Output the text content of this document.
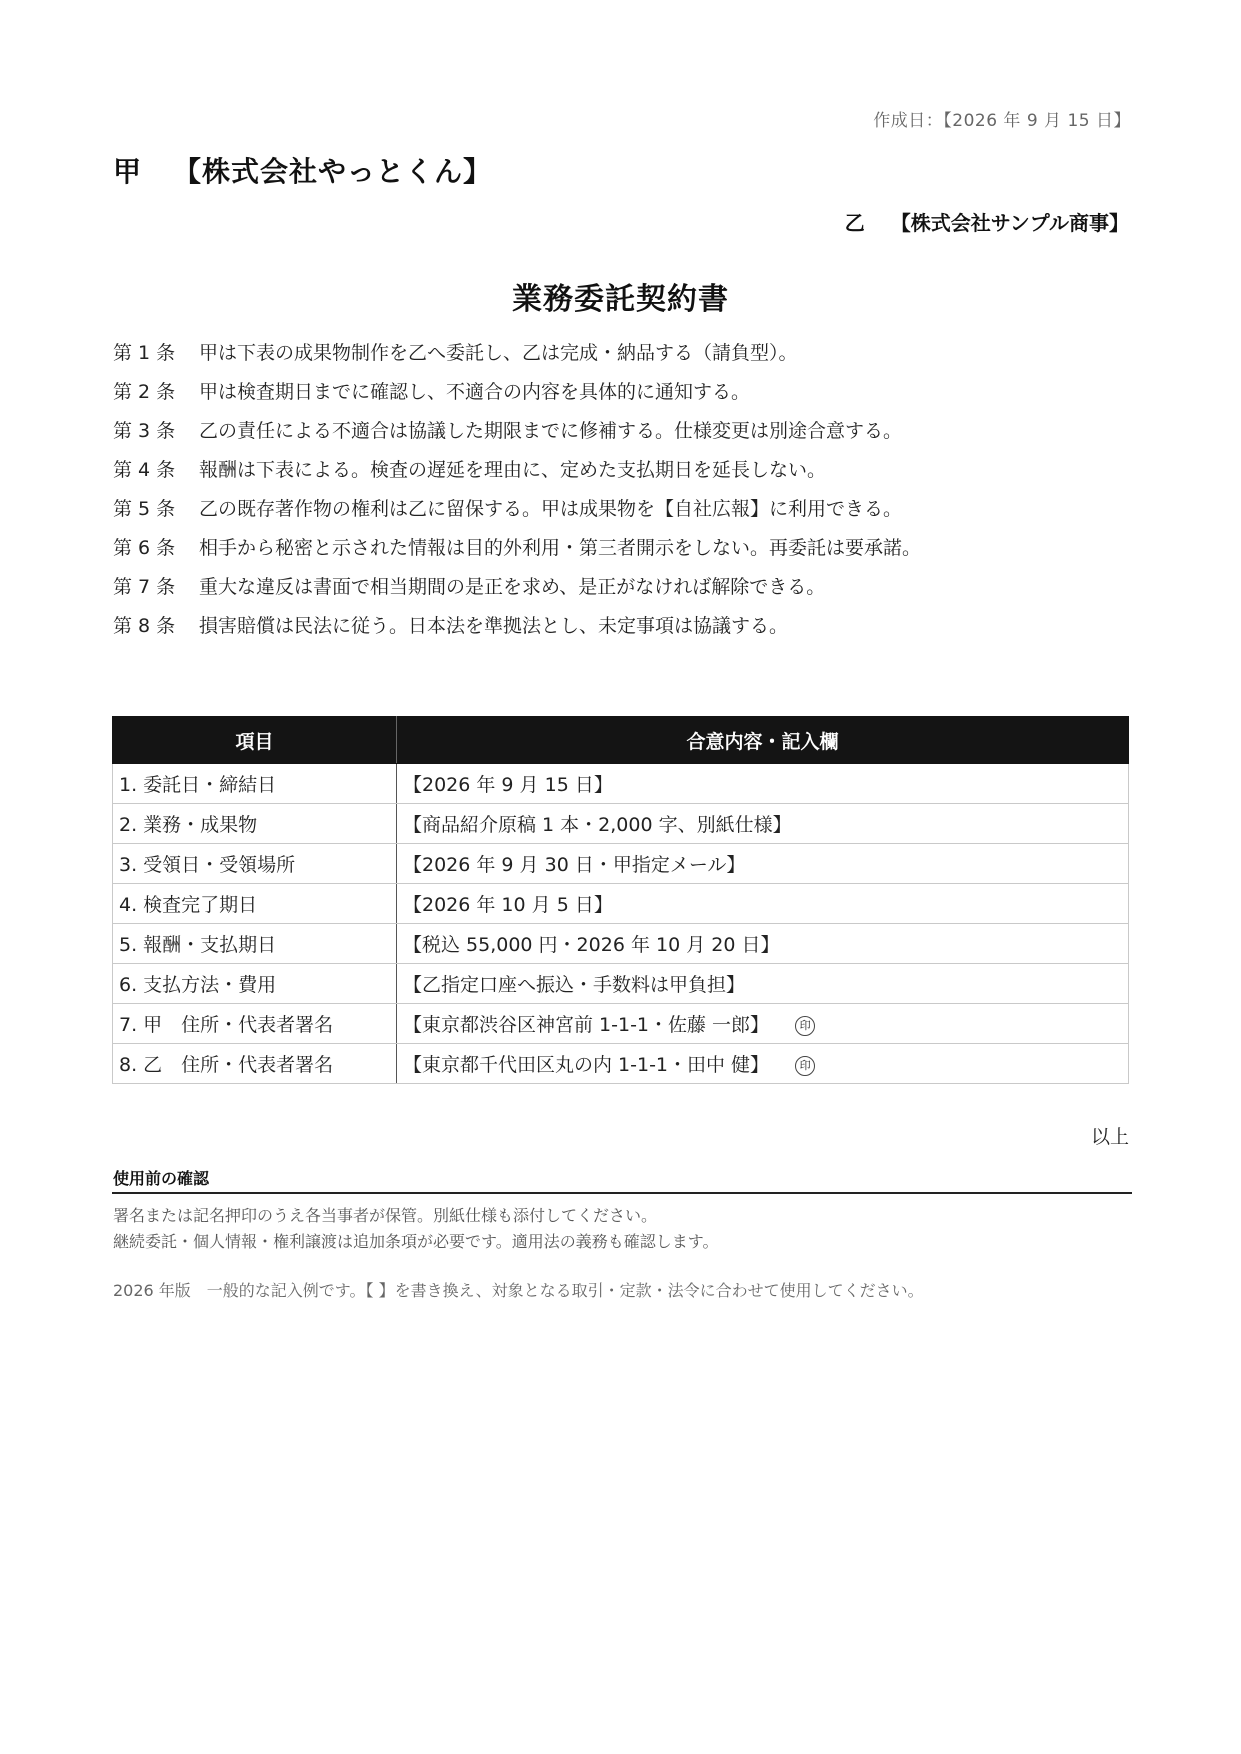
作成日：【2026 年 9 月 15 日】
甲 【株式会社やっとくん】
乙 【株式会社サンプル商事】
業務委託契約書
第 1 条 甲は下表の成果物制作を乙へ委託し、乙は完成・納品する（請負型）。
第 2 条 甲は検査期日までに確認し、不適合の内容を具体的に通知する。
第 3 条 乙の責任による不適合は協議した期限までに修補する。仕様変更は別途合意する。
第 4 条 報酬は下表による。検査の遅延を理由に、定めた支払期日を延長しない。
第 5 条 乙の既存著作物の権利は乙に留保する。甲は成果物を【自社広報】に利用できる。
第 6 条 相手から秘密と示された情報は目的外利用・第三者開示をしない。再委託は要承諾。
第 7 条 重大な違反は書面で相当期間の是正を求め、是正がなければ解除できる。
第 8 条 損害賠償は民法に従う。日本法を準拠法とし、未定事項は協議する。
項目	合意内容・記入欄
1. 委託日・締結日	【2026 年 9 月 15 日】
2. 業務・成果物	【商品紹介原稿 1 本・2,000 字、別紙仕様】
3. 受領日・受領場所	【2026 年 9 月 30 日・甲指定メール】
4. 検査完了期日	【2026 年 10 月 5 日】
5. 報酬・支払期日	【税込 55,000 円・2026 年 10 月 20 日】
6. 支払方法・費用	【乙指定口座へ振込・手数料は甲負担】
7. 甲　住所・代表者署名	【東京都渋谷区神宮前 1-1-1・佐藤 一郎】 印
8. 乙　住所・代表者署名	【東京都千代田区丸の内 1-1-1・田中 健】 印
以上
使用前の確認
署名または記名押印のうえ各当事者が保管。別紙仕様も添付してください。
継続委託・個人情報・権利譲渡は追加条項が必要です。適用法の義務も確認します。
2026 年版　一般的な記入例です。【 】を書き換え、対象となる取引・定款・法令に合わせて使用してください。
